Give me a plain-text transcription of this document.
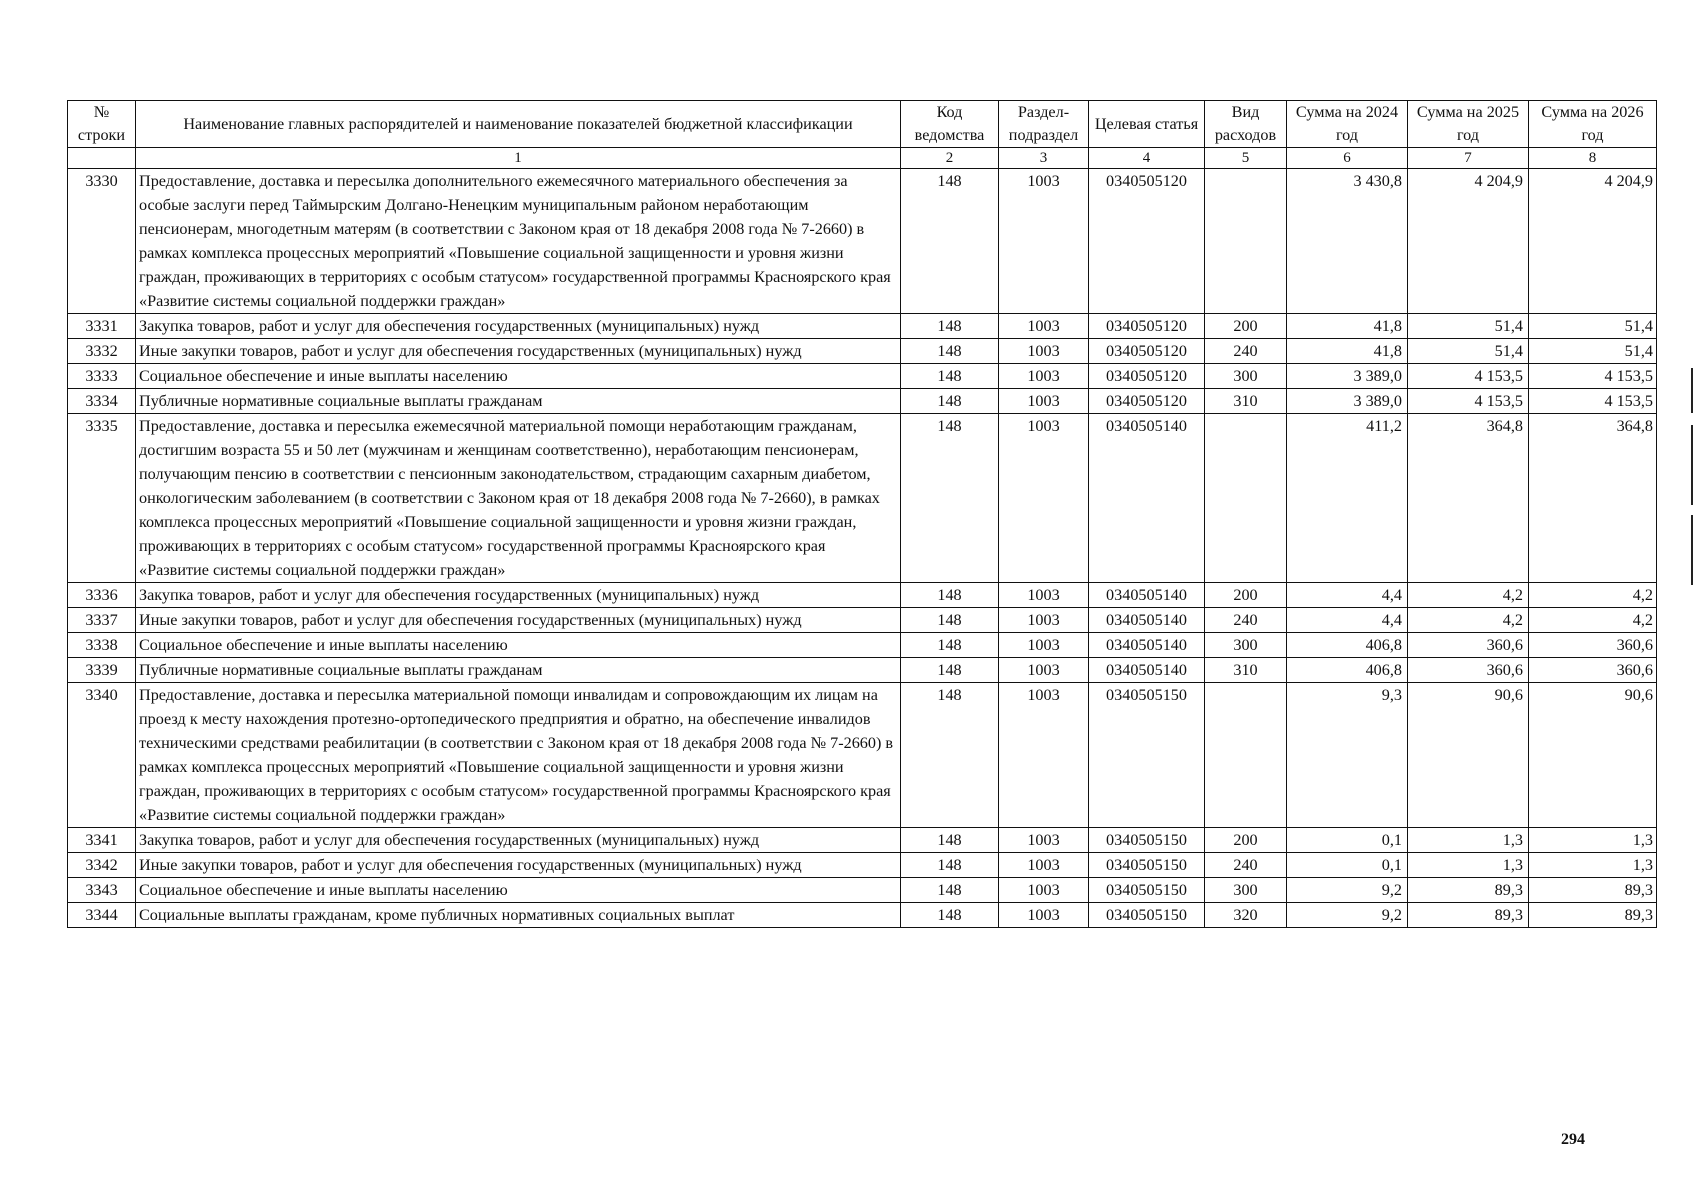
№ строки	Наименование главных распорядителей и наименование показателей бюджетной классификации	Код ведомства	Раздел-подраздел	Целевая статья	Вид расходов	Сумма на 2024 год	Сумма на 2025 год	Сумма на 2026 год
	1	2	3	4	5	6	7	8
3330	Предоставление, доставка и пересылка дополнительного ежемесячного материального обеспечения за особые заслуги перед Таймырским Долгано-Ненецким муниципальным районом неработающим пенсионерам, многодетным матерям (в соответствии с Законом края от 18 декабря 2008 года № 7-2660) в рамках комплекса процессных мероприятий «Повышение социальной защищенности и уровня жизни граждан, проживающих в территориях с особым статусом» государственной программы Красноярского края «Развитие системы социальной поддержки граждан»	148	1003	0340505120		3 430,8	4 204,9	4 204,9
3331	Закупка товаров, работ и услуг для обеспечения государственных (муниципальных) нужд	148	1003	0340505120	200	41,8	51,4	51,4
3332	Иные закупки товаров, работ и услуг для обеспечения государственных (муниципальных) нужд	148	1003	0340505120	240	41,8	51,4	51,4
3333	Социальное обеспечение и иные выплаты населению	148	1003	0340505120	300	3 389,0	4 153,5	4 153,5
3334	Публичные нормативные социальные выплаты гражданам	148	1003	0340505120	310	3 389,0	4 153,5	4 153,5
3335	Предоставление, доставка и пересылка ежемесячной материальной помощи неработающим гражданам, достигшим возраста 55 и 50 лет (мужчинам и женщинам соответственно), неработающим пенсионерам, получающим пенсию в соответствии с пенсионным законодательством, страдающим сахарным диабетом, онкологическим заболеванием (в соответствии с Законом края от 18 декабря 2008 года № 7-2660), в рамках комплекса процессных мероприятий «Повышение социальной защищенности и уровня жизни граждан, проживающих в территориях с особым статусом» государственной программы Красноярского края «Развитие системы социальной поддержки граждан»	148	1003	0340505140		411,2	364,8	364,8
3336	Закупка товаров, работ и услуг для обеспечения государственных (муниципальных) нужд	148	1003	0340505140	200	4,4	4,2	4,2
3337	Иные закупки товаров, работ и услуг для обеспечения государственных (муниципальных) нужд	148	1003	0340505140	240	4,4	4,2	4,2
3338	Социальное обеспечение и иные выплаты населению	148	1003	0340505140	300	406,8	360,6	360,6
3339	Публичные нормативные социальные выплаты гражданам	148	1003	0340505140	310	406,8	360,6	360,6
3340	Предоставление, доставка и пересылка материальной помощи инвалидам и сопровождающим их лицам на проезд к месту нахождения протезно-ортопедического предприятия и обратно, на обеспечение инвалидов техническими средствами реабилитации (в соответствии с Законом края от 18 декабря 2008 года № 7-2660) в рамках комплекса процессных мероприятий «Повышение социальной защищенности и уровня жизни граждан, проживающих в территориях с особым статусом» государственной программы Красноярского края «Развитие системы социальной поддержки граждан»	148	1003	0340505150		9,3	90,6	90,6
3341	Закупка товаров, работ и услуг для обеспечения государственных (муниципальных) нужд	148	1003	0340505150	200	0,1	1,3	1,3
3342	Иные закупки товаров, работ и услуг для обеспечения государственных (муниципальных) нужд	148	1003	0340505150	240	0,1	1,3	1,3
3343	Социальное обеспечение и иные выплаты населению	148	1003	0340505150	300	9,2	89,3	89,3
3344	Социальные выплаты гражданам, кроме публичных нормативных социальных выплат	148	1003	0340505150	320	9,2	89,3	89,3
294
